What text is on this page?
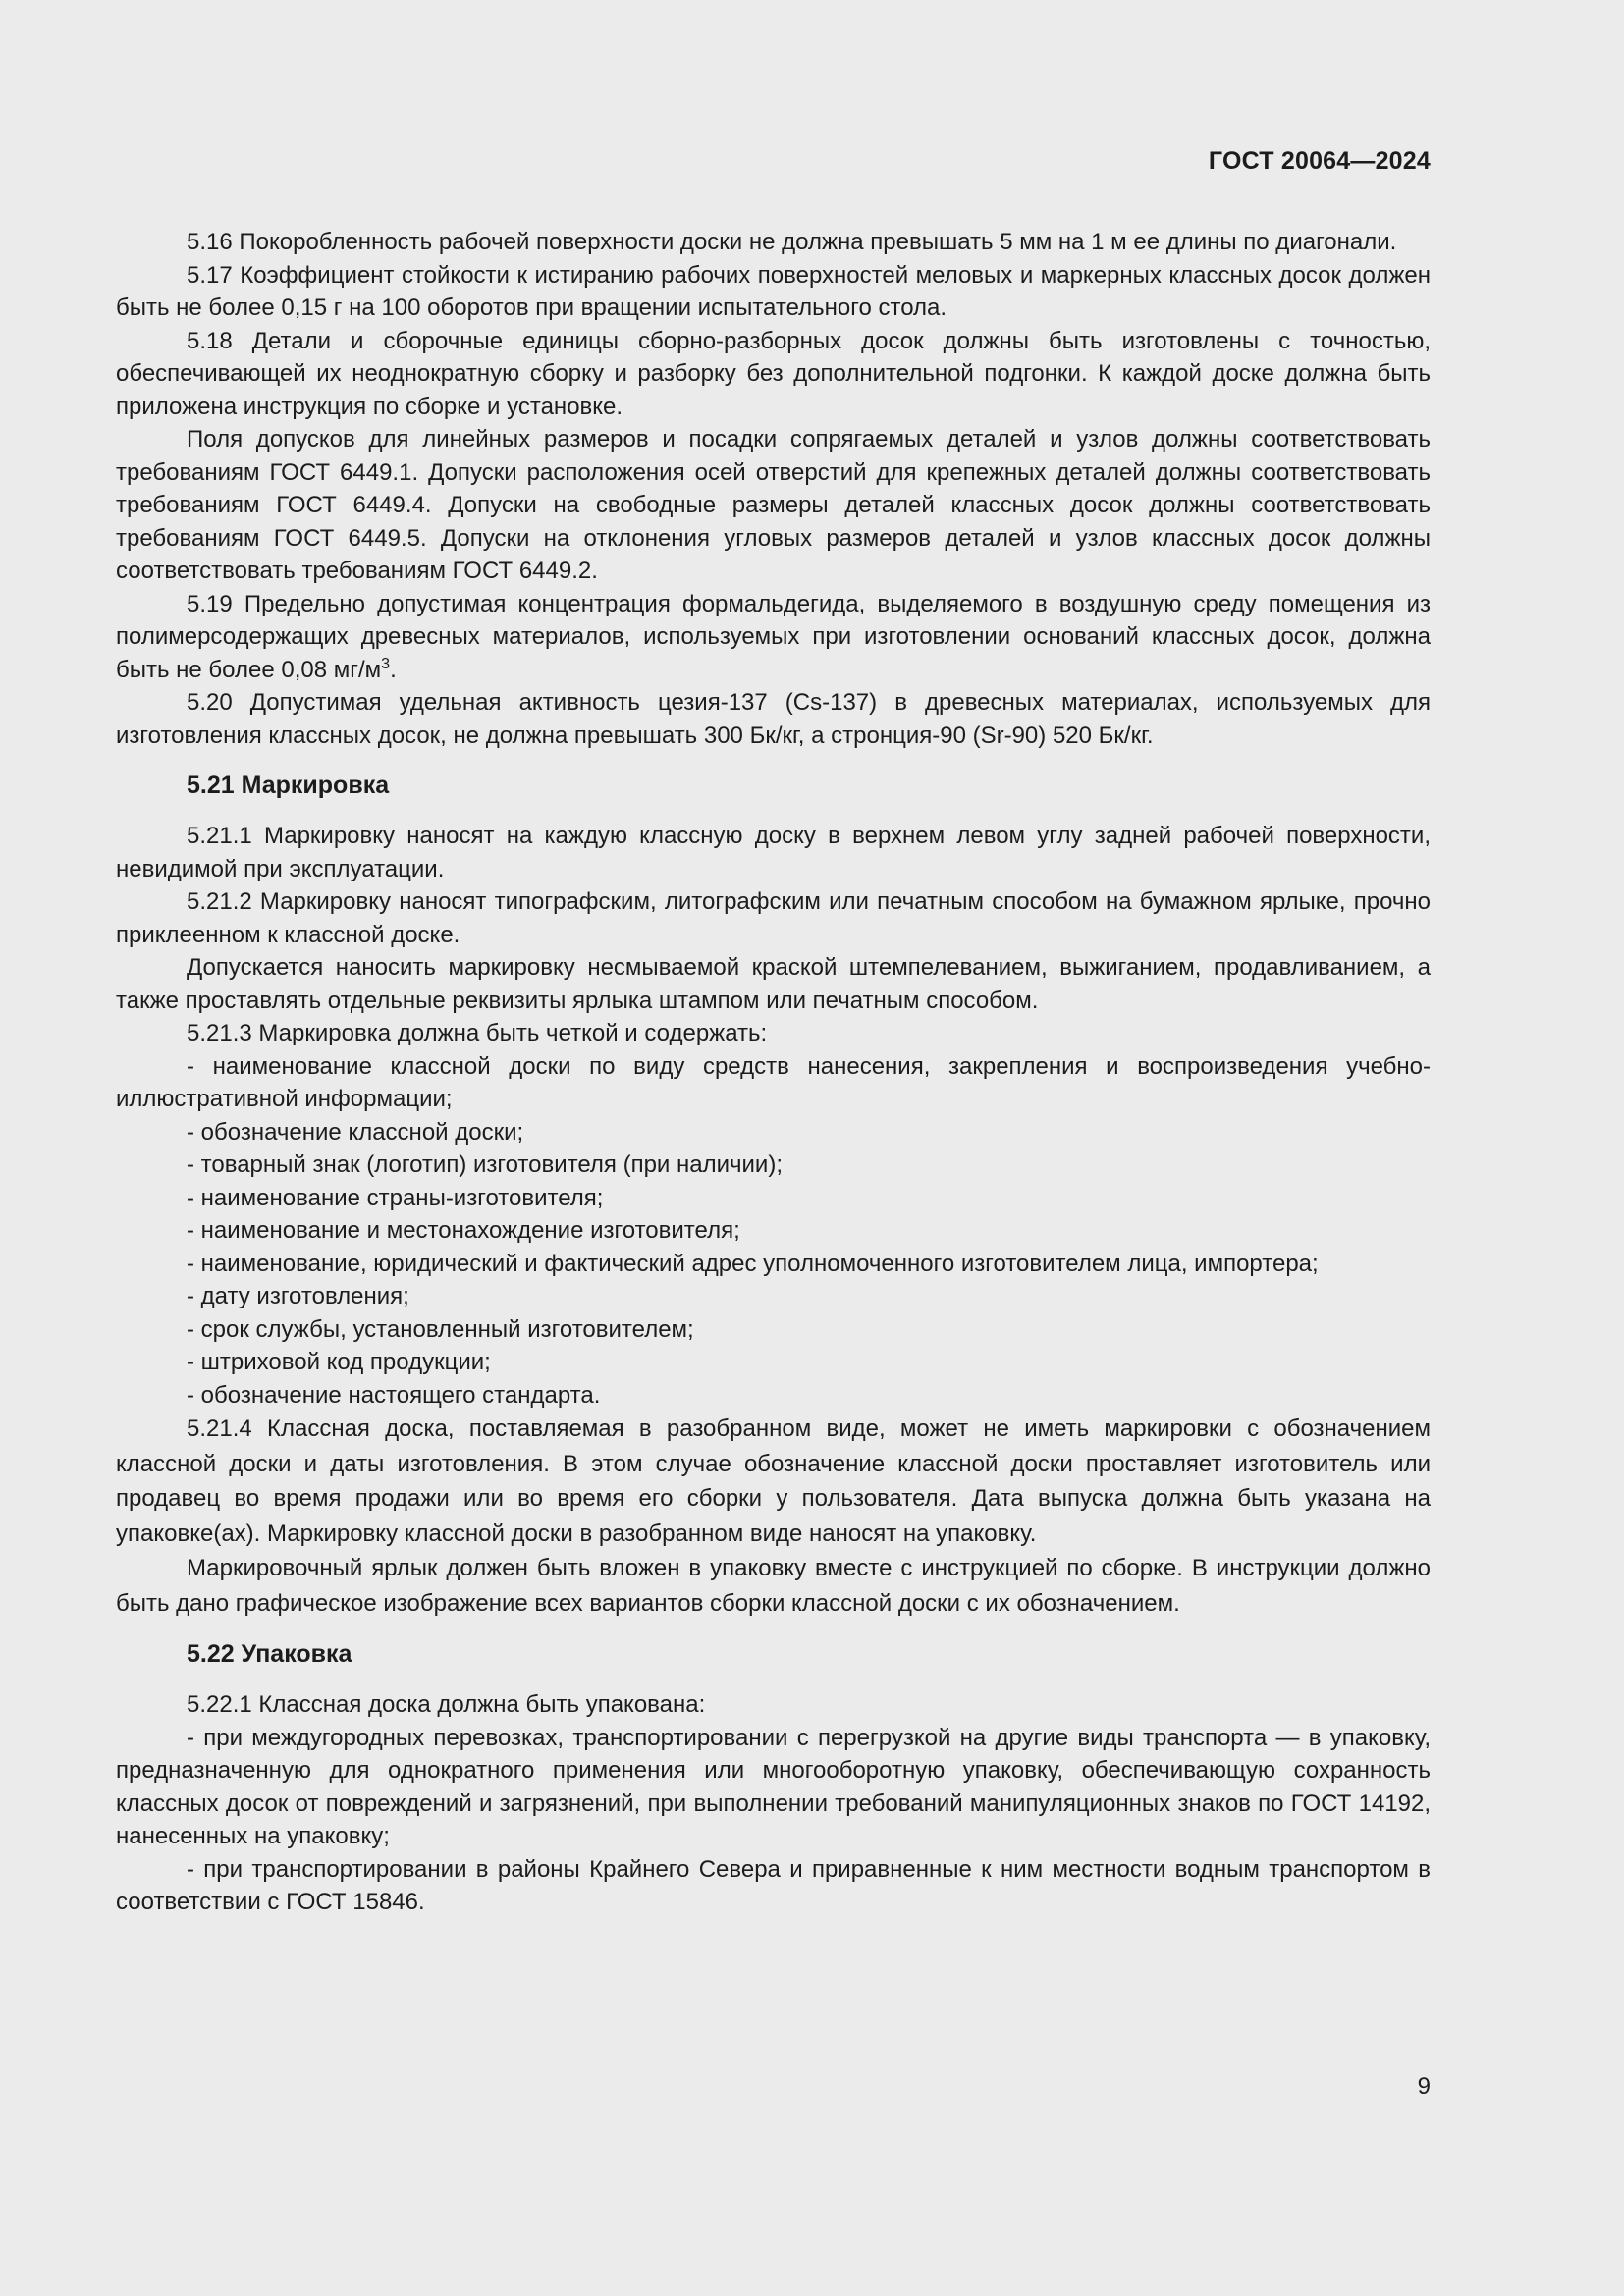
ГОСТ 20064—2024

5.16 Покоробленность рабочей поверхности доски не должна превышать 5 мм на 1 м ее длины по диагонали.

5.17 Коэффициент стойкости к истиранию рабочих поверхностей меловых и маркерных классных досок должен быть не более 0,15 г на 100 оборотов при вращении испытательного стола.

5.18 Детали и сборочные единицы сборно-разборных досок должны быть изготовлены с точностью, обеспечивающей их неоднократную сборку и разборку без дополнительной подгонки. К каждой доске должна быть приложена инструкция по сборке и установке.

Поля допусков для линейных размеров и посадки сопрягаемых деталей и узлов должны соответствовать требованиям ГОСТ 6449.1. Допуски расположения осей отверстий для крепежных деталей должны соответствовать требованиям ГОСТ 6449.4. Допуски на свободные размеры деталей классных досок должны соответствовать требованиям ГОСТ 6449.5. Допуски на отклонения угловых размеров деталей и узлов классных досок должны соответствовать требованиям ГОСТ 6449.2.

5.19 Предельно допустимая концентрация формальдегида, выделяемого в воздушную среду помещения из полимерсодержащих древесных материалов, используемых при изготовлении оснований классных досок, должна быть не более 0,08 $мг/м^3$.

5.20 Допустимая удельная активность цезия-137 (Cs-137) в древесных материалах, используемых для изготовления классных досок, не должна превышать 300 Бк/кг, а стронция-90 (Sr-90) 520 Бк/кг.

5.21 Маркировка

5.21.1 Маркировку наносят на каждую классную доску в верхнем левом углу задней рабочей поверхности, невидимой при эксплуатации.

5.21.2 Маркировку наносят типографским, литографским или печатным способом на бумажном ярлыке, прочно приклеенном к классной доске.

Допускается наносить маркировку несмываемой краской штемпелеванием, выжиганием, продавливанием, а также проставлять отдельные реквизиты ярлыка штампом или печатным способом.

5.21.3 Маркировка должна быть четкой и содержать:

- наименование классной доски по виду средств нанесения, закрепления и воспроизведения учебно-иллюстративной информации;

- обозначение классной доски;

- товарный знак (логотип) изготовителя (при наличии);

- наименование страны-изготовителя;

- наименование и местонахождение изготовителя;

- наименование, юридический и фактический адрес уполномоченного изготовителем лица, импортера;

- дату изготовления;

- срок службы, установленный изготовителем;

- штриховой код продукции;

- обозначение настоящего стандарта.

5.21.4 Классная доска, поставляемая в разобранном виде, может не иметь маркировки с обозначением классной доски и даты изготовления. В этом случае обозначение классной доски проставляет изготовитель или продавец во время продажи или во время его сборки у пользователя. Дата выпуска должна быть указана на упаковке(ах). Маркировку классной доски в разобранном виде наносят на упаковку.

Маркировочный ярлык должен быть вложен в упаковку вместе с инструкцией по сборке. В инструкции должно быть дано графическое изображение всех вариантов сборки классной доски с их обозначением.

5.22 Упаковка

5.22.1 Классная доска должна быть упакована:

- при междугородных перевозках, транспортировании с перегрузкой на другие виды транспорта — в упаковку, предназначенную для однократного применения или многооборотную упаковку, обеспечивающую сохранность классных досок от повреждений и загрязнений, при выполнении требований манипуляционных знаков по ГОСТ 14192, нанесенных на упаковку;

- при транспортировании в районы Крайнего Севера и приравненные к ним местности водным транспортом в соответствии с ГОСТ 15846.

9
